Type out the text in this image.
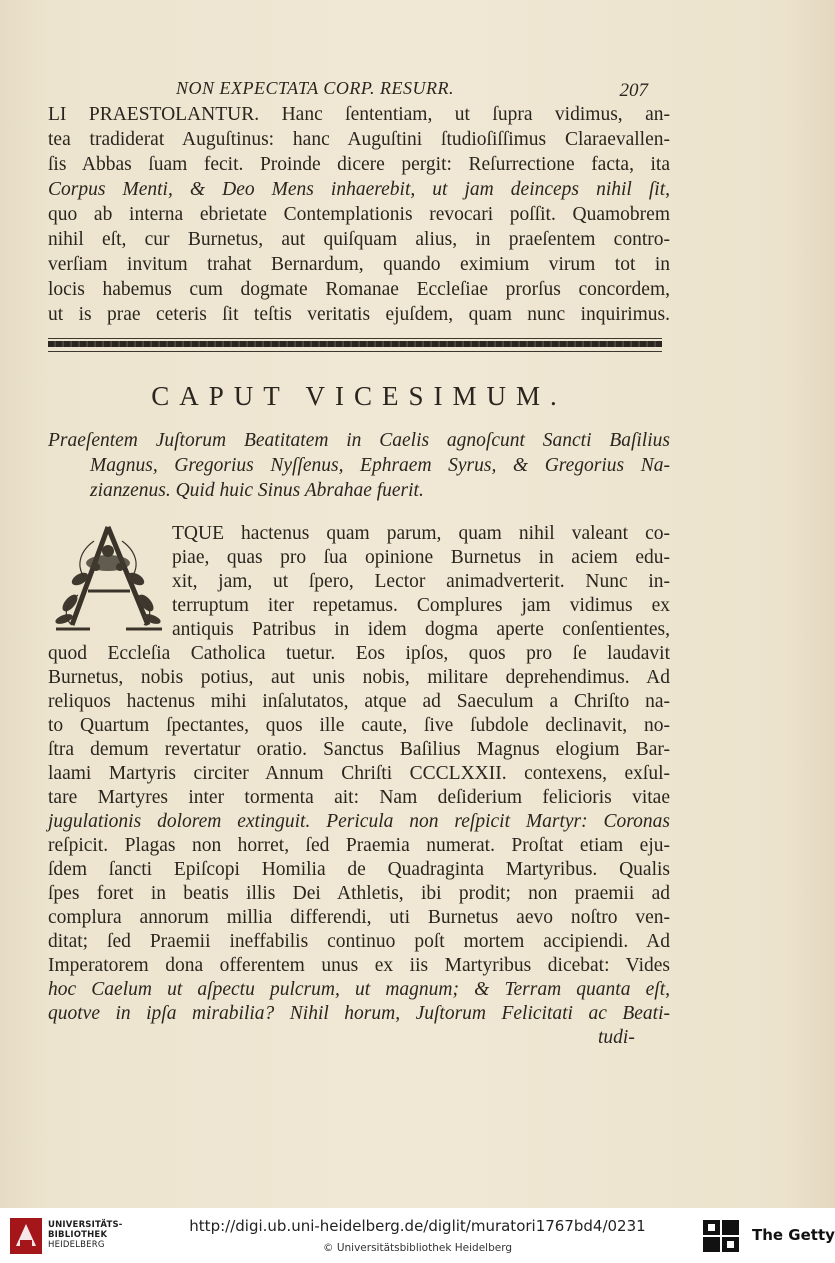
NON EXPECTATA CORP. RESURR.	207
LI PRAESTOLANTUR. Hanc ſententiam, ut ſupra vidimus, an-
tea tradiderat Auguſtinus: hanc Auguſtini ſtudioſiſſimus Claraevallen-
ſis Abbas ſuam fecit. Proinde dicere pergit: Reſurrectione facta, ita
Corpus Menti, & Deo Mens inhaerebit, ut jam deinceps nihil ſit,
quo ab interna ebrietate Contemplationis revocari poſſit. Quamobrem
nihil eſt, cur Burnetus, aut quiſquam alius, in praeſentem contro-
verſiam invitum trahat Bernardum, quando eximium virum tot in
locis habemus cum dogmate Romanae Eccleſiae prorſus concordem,
ut is prae ceteris ſit teſtis veritatis ejuſdem, quam nunc inquirimus.
CAPUT VICESIMUM.
Praeſentem Juſtorum Beatitatem in Caelis agnoſcunt Sancti Baſilius
Magnus, Gregorius Nyſſenus, Ephraem Syrus, & Gregorius Na-
zianzenus. Quid huic Sinus Abrahae fuerit.
TQUE hactenus quam parum, quam nihil valeant co-
piae, quas pro ſua opinione Burnetus in aciem edu-
xit, jam, ut ſpero, Lector animadverterit. Nunc in-
terruptum iter repetamus. Complures jam vidimus ex
antiquis Patribus in idem dogma aperte conſentientes,
quod Eccleſia Catholica tuetur. Eos ipſos, quos pro ſe laudavit
Burnetus, nobis potius, aut unis nobis, militare deprehendimus. Ad
reliquos hactenus mihi inſalutatos, atque ad Saeculum a Chriſto na-
to Quartum ſpectantes, quos ille caute, ſive ſubdole declinavit, no-
ſtra demum revertatur oratio. Sanctus Baſilius Magnus elogium Bar-
laami Martyris circiter Annum Chriſti CCCLXXII. contexens, exſul-
tare Martyres inter tormenta ait: Nam deſiderium felicioris vitae
jugulationis dolorem extinguit. Pericula non reſpicit Martyr: Coronas
reſpicit. Plagas non horret, ſed Praemia numerat. Proſtat etiam eju-
ſdem ſancti Epiſcopi Homilia de Quadraginta Martyribus. Qualis
ſpes foret in beatis illis Dei Athletis, ibi prodit; non praemii ad
complura annorum millia differendi, uti Burnetus aevo noſtro ven-
ditat; ſed Praemii ineffabilis continuo poſt mortem accipiendi. Ad
Imperatorem dona offerentem unus ex iis Martyribus dicebat: Vides
hoc Caelum ut aſpectu pulcrum, ut magnum; & Terram quanta eſt,
quotve in ipſa mirabilia? Nihil horum, Juſtorum Felicitati ac Beati-
tudi-
UNIVERSITÄTS-
BIBLIOTHEK
HEIDELBERG
http://digi.ub.uni-heidelberg.de/diglit/muratori1767bd4/0231
© Universitätsbibliothek Heidelberg
The Getty
